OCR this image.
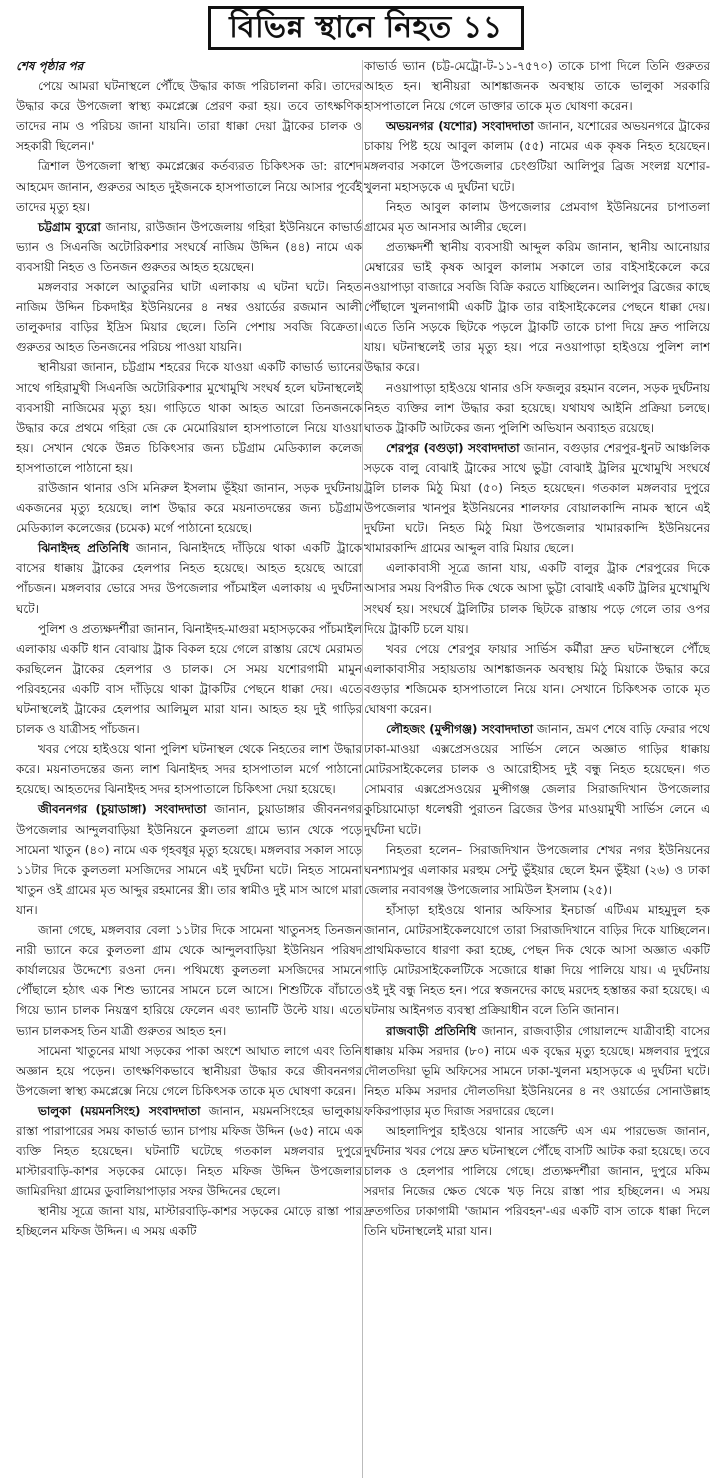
বিভিন্ন স্থানে নিহত ১১

শেষ পৃষ্ঠার পর

পেয়ে আমরা ঘটনাস্থলে পৌঁছে উদ্ধার কাজ পরিচালনা করি। তাদের উদ্ধার করে উপজেলা স্বাস্থ্য কমপ্লেক্সে প্রেরণ করা হয়। তবে তাৎক্ষণিক তাদের নাম ও পরিচয় জানা যায়নি। তারা ধাক্কা দেয়া ট্রাকের চালক ও সহকারী ছিলেন।'

ত্রিশাল উপজেলা স্বাস্থ্য কমপ্লেক্সের কর্তব্যরত চিকিৎসক ডা: রাশেদ আহমেদ জানান, গুরুতর আহত দুইজনকে হাসপাতালে নিয়ে আসার পূর্বেই তাদের মৃত্যু হয়।

চট্টগ্রাম ব্যুরো জানায়, রাউজান উপজেলায় গহিরা ইউনিয়নে কাভার্ড ভ্যান ও সিএনজি অটোরিকশার সংঘর্ষে নাজিম উদ্দিন (৪৪) নামে এক ব্যবসায়ী নিহত ও তিনজন গুরুতর আহত হয়েছেন।

মঙ্গলবার সকালে আতুরনির ঘাটা এলাকায় এ ঘটনা ঘটে। নিহত নাজিম উদ্দিন চিকদাইর ইউনিয়নের ৪ নম্বর ওয়ার্ডের রজমান আলী তালুকদার বাড়ির ইদ্রিস মিয়ার ছেলে। তিনি পেশায় সবজি বিক্রেতা। গুরুতর আহত তিনজনের পরিচয় পাওয়া যায়নি।

স্থানীয়রা জানান, চট্টগ্রাম শহরের দিকে যাওয়া একটি কাভার্ড ভ্যানের সাথে গহিরামুখী সিএনজি অটোরিকশার মুখোমুখি সংঘর্ষ হলে ঘটনাস্থলেই ব্যবসায়ী নাজিমের মৃত্যু হয়। গাড়িতে থাকা আহত আরো তিনজনকে উদ্ধার করে প্রথমে গহিরা জে কে মেমোরিয়াল হাসপাতালে নিয়ে যাওয়া হয়। সেখান থেকে উন্নত চিকিৎসার জন্য চট্টগ্রাম মেডিক্যাল কলেজ হাসপাতালে পাঠানো হয়।

রাউজান থানার ওসি মনিরুল ইসলাম ভূঁইয়া জানান, সড়ক দুর্ঘটনায় একজনের মৃত্যু হয়েছে। লাশ উদ্ধার করে ময়নাতদন্তের জন্য চট্টগ্রাম মেডিক্যাল কলেজের (চমেক) মর্গে পাঠানো হয়েছে।

ঝিনাইদহ প্রতিনিধি জানান, ঝিনাইদহে দাঁড়িয়ে থাকা একটি ট্রাকে বাসের ধাক্কায় ট্রাকের হেলপার নিহত হয়েছে। আহত হয়েছে আরো পাঁচজন। মঙ্গলবার ভোরে সদর উপজেলার পাঁচমাইল এলাকায় এ দুর্ঘটনা ঘটে।

পুলিশ ও প্রত্যক্ষদর্শীরা জানান, ঝিনাইদহ-মাগুরা মহাসড়কের পাঁচমাইল এলাকায় একটি ধান বোঝায় ট্রাক বিকল হয়ে গেলে রাস্তায় রেখে মেরামত করছিলেন ট্রাকের হেলপার ও চালক। সে সময় যশোরগামী মামুন পরিবহনের একটি বাস দাঁড়িয়ে থাকা ট্রাকটির পেছনে ধাক্কা দেয়। এতে ঘটনাস্থলেই ট্রাকের হেলপার আলিমুল মারা যান। আহত হয় দুই গাড়ির চালক ও যাত্রীসহ পাঁচজন।

খবর পেয়ে হাইওয়ে থানা পুলিশ ঘটনাস্থল থেকে নিহতের লাশ উদ্ধার করে। ময়নাতদন্তের জন্য লাশ ঝিনাইদহ সদর হাসপাতাল মর্গে পাঠানো হয়েছে। আহতদের ঝিনাইদহ সদর হাসপাতালে চিকিৎসা দেয়া হয়েছে।

জীবননগর (চুয়াডাঙ্গা) সংবাদদাতা জানান, চুয়াডাঙ্গার জীবননগর উপজেলার আন্দুলবাড়িয়া ইউনিয়নে কুলতলা গ্রামে ভ্যান থেকে পড়ে সামেনা খাতুন (৪০) নামে এক গৃহবধূর মৃত্যু হয়েছে। মঙ্গলবার সকাল সাড়ে ১১টার দিকে কুলতলা মসজিদের সামনে এই দুর্ঘটনা ঘটে। নিহত সামেনা খাতুন ওই গ্রামের মৃত আব্দুর রহমানের স্ত্রী। তার স্বামীও দুই মাস আগে মারা যান।

জানা গেছে, মঙ্গলবার বেলা ১১টার দিকে সামেনা খাতুনসহ তিনজন নারী ভ্যানে করে কুলতলা গ্রাম থেকে আন্দুলবাড়িয়া ইউনিয়ন পরিষদ কার্যালয়ের উদ্দেশ্যে রওনা দেন। পথিমধ্যে কুলতলা মসজিদের সামনে পৌঁছালে হঠাৎ এক শিশু ভ্যানের সামনে চলে আসে। শিশুটিকে বাঁচাতে গিয়ে ভ্যান চালক নিয়ন্ত্রণ হারিয়ে ফেলেন এবং ভ্যানটি উল্টে যায়। এতে ভ্যান চালকসহ তিন যাত্রী গুরুতর আহত হন।

সামেনা খাতুনের মাথা সড়কের পাকা অংশে আঘাত লাগে এবং তিনি অজ্ঞান হয়ে পড়েন। তাৎক্ষণিকভাবে স্থানীয়রা উদ্ধার করে জীবননগর উপজেলা স্বাস্থ্য কমপ্লেক্সে নিয়ে গেলে চিকিৎসক তাকে মৃত ঘোষণা করেন।

ভালুকা (ময়মনসিংহ) সংবাদদাতা জানান, ময়মনসিংহের ভালুকায় রাস্তা পারাপারের সময় কাভার্ড ভ্যান চাপায় মফিজ উদ্দিন (৬৫) নামে এক ব্যক্তি নিহত হয়েছেন। ঘটনাটি ঘটেছে গতকাল মঙ্গলবার দুপুরে মাস্টারবাড়ি-কাশর সড়কের মোড়ে। নিহত মফিজ উদ্দিন উপজেলার জামিরদিয়া গ্রামের ডুবালিয়াপাড়ার সফর উদ্দিনের ছেলে।

স্থানীয় সূত্রে জানা যায়, মাস্টারবাড়ি-কাশর সড়কের মোড়ে রাস্তা পার হচ্ছিলেন মফিজ উদ্দিন। এ সময় একটি

কাভার্ড ভ্যান (চট্ট-মেট্রো-ট-১১-৭৫৭০) তাকে চাপা দিলে তিনি গুরুতর আহত হন। স্থানীয়রা আশঙ্কাজনক অবস্থায় তাকে ভালুকা সরকারি হাসপাতালে নিয়ে গেলে ডাক্তার তাকে মৃত ঘোষণা করেন।

অভয়নগর (যশোর) সংবাদদাতা জানান, যশোরের অভয়নগরে ট্রাকের চাকায় পিষ্ট হয়ে আবুল কালাম (৫৫) নামের এক কৃষক নিহত হয়েছেন। মঙ্গলবার সকালে উপজেলার চেংগুটিয়া আলিপুর ব্রিজ সংলগ্ন যশোর-খুলনা মহাসড়কে এ দুর্ঘটনা ঘটে।

নিহত আবুল কালাম উপজেলার প্রেমবাগ ইউনিয়নের চাপাতলা গ্রামের মৃত আনসার আলীর ছেলে।

প্রত্যক্ষদর্শী স্থানীয় ব্যবসায়ী আব্দুল করিম জানান, স্থানীয় আনোয়ার মেম্বারের ভাই কৃষক আবুল কালাম সকালে তার বাইসাইকেলে করে নওয়াপাড়া বাজারে সবজি বিক্রি করতে যাচ্ছিলেন। আলিপুর ব্রিজের কাছে পৌঁছালে খুলনাগামী একটি ট্রাক তার বাইসাইকেলের পেছনে ধাক্কা দেয়। এতে তিনি সড়কে ছিটকে পড়লে ট্রাকটি তাকে চাপা দিয়ে দ্রুত পালিয়ে যায়। ঘটনাস্থলেই তার মৃত্যু হয়। পরে নওয়াপাড়া হাইওয়ে পুলিশ লাশ উদ্ধার করে।

নওয়াপাড়া হাইওয়ে থানার ওসি ফজলুর রহমান বলেন, সড়ক দুর্ঘটনায় নিহত ব্যক্তির লাশ উদ্ধার করা হয়েছে। যথাযথ আইনি প্রক্রিয়া চলছে। ঘাতক ট্রাকটি আটকের জন্য পুলিশি অভিযান অব্যাহত রয়েছে।

শেরপুর (বগুড়া) সংবাদদাতা জানান, বগুড়ার শেরপুর-ধুনট আঞ্চলিক সড়কে বালু বোঝাই ট্রাকের সাথে ভুট্টা বোঝাই ট্রলির মুখোমুখি সংঘর্ষে ট্রলি চালক মিঠু মিয়া (৫০) নিহত হয়েছেন। গতকাল মঙ্গলবার দুপুরে উপজেলার খানপুর ইউনিয়নের শালফার বোয়ালকান্দি নামক স্থানে এই দুর্ঘটনা ঘটে। নিহত মিঠু মিয়া উপজেলার খামারকান্দি ইউনিয়নের খামারকান্দি গ্রামের আব্দুল বারি মিয়ার ছেলে।

এলাকাবাসী সূত্রে জানা যায়, একটি বালুর ট্রাক শেরপুরের দিকে আসার সময় বিপরীত দিক থেকে আসা ভুট্টা বোঝাই একটি ট্রলির মুখোমুখি সংঘর্ষ হয়। সংঘর্ষে ট্রলিটির চালক ছিটকে রাস্তায় পড়ে গেলে তার ওপর দিয়ে ট্রাকটি চলে যায়।

খবর পেয়ে শেরপুর ফায়ার সার্ভিস কর্মীরা দ্রুত ঘটনাস্থলে পৌঁছে এলাকাবাসীর সহায়তায় আশঙ্কাজনক অবস্থায় মিঠু মিয়াকে উদ্ধার করে বগুড়ার শজিমেক হাসপাতালে নিয়ে যান। সেখানে চিকিৎসক তাকে মৃত ঘোষণা করেন।

লৌহজং (মুন্সীগঞ্জ) সংবাদদাতা জানান, ভ্রমণ শেষে বাড়ি ফেরার পথে ঢাকা-মাওয়া এক্সপ্রেসওয়ের সার্ভিস লেনে অজ্ঞাত গাড়ির ধাক্কায় মোটরসাইকেলের চালক ও আরোহীসহ দুই বন্ধু নিহত হয়েছেন। গত সোমবার এক্সপ্রেসওয়ের মুন্সীগঞ্জ জেলার সিরাজদিখান উপজেলার কুচিয়ামোড়া ধলেশ্বরী পুরাতন ব্রিজের উপর মাওয়ামুখী সার্ভিস লেনে এ দুর্ঘটনা ঘটে।

নিহতরা হলেন– সিরাজদিখান উপজেলার শেখর নগর ইউনিয়নের ঘনশ্যামপুর এলাকার মরহুম সেন্টু ভুঁইয়ার ছেলে ইমন ভুঁইয়া (২৬) ও ঢাকা জেলার নবাবগঞ্জ উপজেলার সামিউল ইসলাম (২৫)।

হাঁসাড়া হাইওয়ে থানার অফিসার ইনচার্জ এটিএম মাহমুদুল হক জানান, মোটরসাইকেলযোগে তারা সিরাজদিখানে বাড়ির দিকে যাচ্ছিলেন। প্রাথমিকভাবে ধারণা করা হচ্ছে, পেছন দিক থেকে আসা অজ্ঞাত একটি গাড়ি মোটরসাইকেলটিকে সজোরে ধাক্কা দিয়ে পালিয়ে যায়। এ দুর্ঘটনায় ওই দুই বন্ধু নিহত হন। পরে স্বজনদের কাছে মরদেহ হস্তান্তর করা হয়েছে। এ ঘটনায় আইনগত ব্যবস্থা প্রক্রিয়াধীন বলে তিনি জানান।

রাজবাড়ী প্রতিনিধি জানান, রাজবাড়ীর গোয়ালন্দে যাত্রীবাহী বাসের ধাক্কায় মকিম সরদার (৮০) নামে এক বৃদ্ধের মৃত্যু হয়েছে। মঙ্গলবার দুপুরে দৌলতদিয়া ভূমি অফিসের সামনে ঢাকা-খুলনা মহাসড়কে এ দুর্ঘটনা ঘটে। নিহত মকিম সরদার দৌলতদিয়া ইউনিয়নের ৪ নং ওয়ার্ডের সোনাউল্লাহ ফকিরপাড়ার মৃত দিরাজ সরদারের ছেলে।

আহলাদিপুর হাইওয়ে থানার সার্জেন্ট এস এম পারভেজ জানান, দুর্ঘটনার খবর পেয়ে দ্রুত ঘটনাস্থলে পৌঁছে বাসটি আটক করা হয়েছে। তবে চালক ও হেলপার পালিয়ে গেছে। প্রত্যক্ষদর্শীরা জানান, দুপুরে মকিম সরদার নিজের ক্ষেত থেকে খড় নিয়ে রাস্তা পার হচ্ছিলেন। এ সময় দ্রুতগতির ঢাকাগামী 'জামান পরিবহন'-এর একটি বাস তাকে ধাক্কা দিলে তিনি ঘটনাস্থলেই মারা যান।
